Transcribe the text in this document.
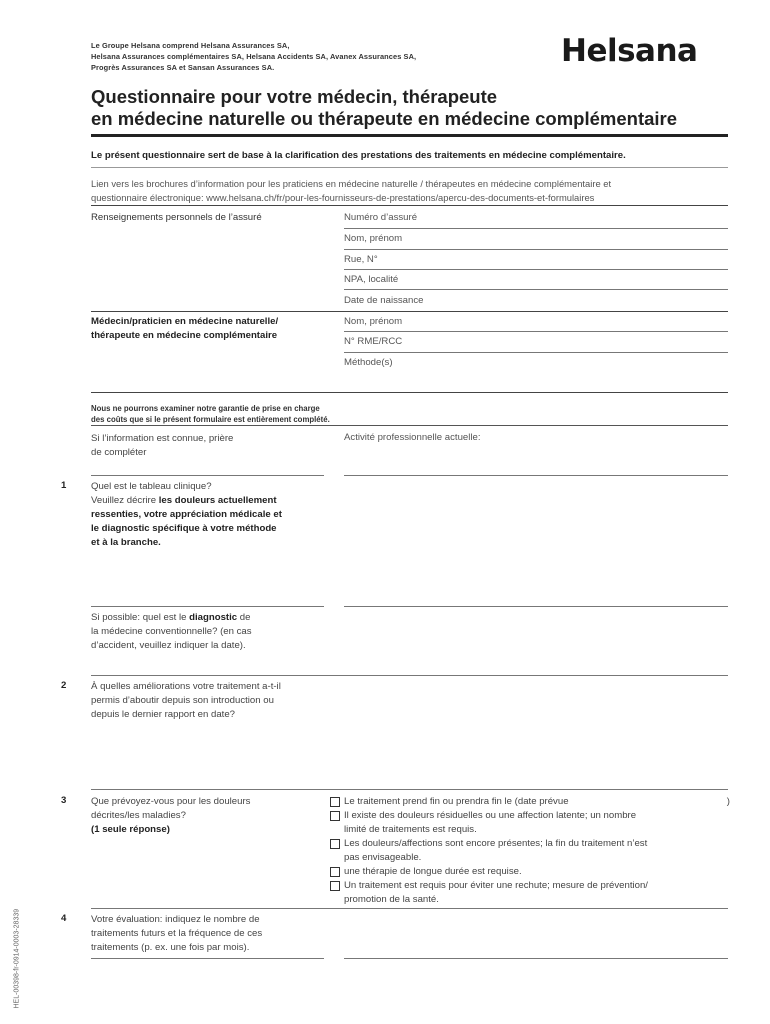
Le Groupe Helsana comprend Helsana Assurances SA,
Helsana Assurances complémentaires SA, Helsana Accidents SA, Avanex Assurances SA,
Progrès Assurances SA et Sansan Assurances SA.	Helsana
Questionnaire pour votre médecin, thérapeute
en médecine naturelle ou thérapeute en médecine complémentaire
Le présent questionnaire sert de base à la clarification des prestations des traitements en médecine complémentaire.
Lien vers les brochures d’information pour les praticiens en médecine naturelle / thérapeutes en médecine complémentaire et
questionnaire électronique: www.helsana.ch/fr/pour-les-fournisseurs-de-prestations/apercu-des-documents-et-formulaires
Renseignements personnels de l’assuré	Numéro d’assuré
Nom, prénom
Rue, N°
NPA, localité
Date de naissance
Médecin/praticien en médecine naturelle/
thérapeute en médecine complémentaire
Nom, prénom
N° RME/RCC
Méthode(s)
Nous ne pourrons examiner notre garantie de prise en charge
des coûts que si le présent formulaire est entièrement complété.
Si l’information est connue, prière
de compléter
Activité professionnelle actuelle:
1	Quel est le tableau clinique?
Veuillez décrire les douleurs actuellement
ressenties, votre appréciation médicale et
le diagnostic spécifique à votre méthode
et à la branche.
Si possible: quel est le diagnostic de
la médecine conventionnelle? (en cas
d’accident, veuillez indiquer la date).
2	À quelles améliorations votre traitement a-t-il
permis d’aboutir depuis son introduction ou
depuis le dernier rapport en date?
3	Que prévoyez-vous pour les douleurs
décrites/les maladies?
(1 seule réponse)
Le traitement prend fin ou prendra fin le (date prévue	)
Il existe des douleurs résiduelles ou une affection latente; un nombre
limité de traitements est requis.
Les douleurs/affections sont encore présentes; la fin du traitement n’est
pas envisageable.
une thérapie de longue durée est requise.
Un traitement est requis pour éviter une rechute; mesure de prévention/
promotion de la santé.
4	Votre évaluation: indiquez le nombre de
traitements futurs et la fréquence de ces
traitements (p. ex. une fois par mois).
HEL-00398-fr-0914-0003-28339
